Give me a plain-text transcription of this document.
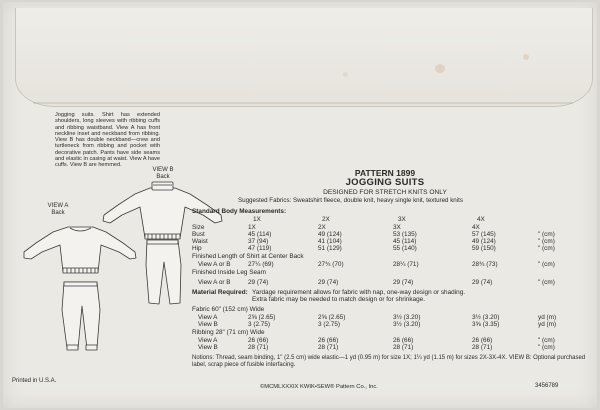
Jogging suits. Shirt has extended shoulders, long sleeves with ribbing cuffs and ribbing waistband. View A has front neckline inset and neckband from ribbing. View B has double neckband—crew and turtleneck from ribbing and pocket with decorative patch. Pants have side seams and elastic in casing at waist. View A have cuffs. View B are hemmed.
VIEW B
Back
VIEW A
Back
PATTERN 1899
JOGGING SUITS
DESIGNED FOR STRETCH KNITS ONLY
Suggested Fabrics: Sweatshirt fleece, double knit, heavy single knit, textured knits
Standard Body Measurements:
1X	2X	3X	4X
Size	1X	2X	3X	4X
Bust	45 (114)	49 (124)	53 (135)	57 (145)	" (cm)
Waist	37 (94)	41 (104)	45 (114)	49 (124)	" (cm)
Hip	47 (119)	51 (129)	55 (140)	59 (150)	" (cm)
Finished Length of Shirt at Center Back
View A or B	27¼ (69)	27¾ (70)	28¼ (71)	28¾ (73)	" (cm)
Finished Inside Leg Seam
View A or B	29 (74)	29 (74)	29 (74)	29 (74)	" (cm)
Material Required: Yardage requirement allows for fabric with nap, one-way design or shading.
Extra fabric may be needed to match design or for shrinkage.
Fabric 60" (152 cm) Wide
View A	2⅝ (2.65)	2⅝ (2.65)	3½ (3.20)	3½ (3.20)	yd (m)
View B	3 (2.75)	3 (2.75)	3½ (3.20)	3⅝ (3.35)	yd (m)
Ribbing 28" (71 cm) Wide
View A	26 (66)	26 (66)	26 (66)	26 (66)	" (cm)
View B	28 (71)	28 (71)	28 (71)	28 (71)	" (cm)
Notions: Thread, seam binding, 1" (2.5 cm) wide elastic—1 yd (0.95 m) for size 1X; 1¼ yd (1.15 m) for sizes 2X-3X-4X. VIEW B: Optional purchased label, scrap piece of fusible interfacing.
Printed in U.S.A.
©MCMLXXXIX KWIK•SEW® Pattern Co., Inc.	3456789
